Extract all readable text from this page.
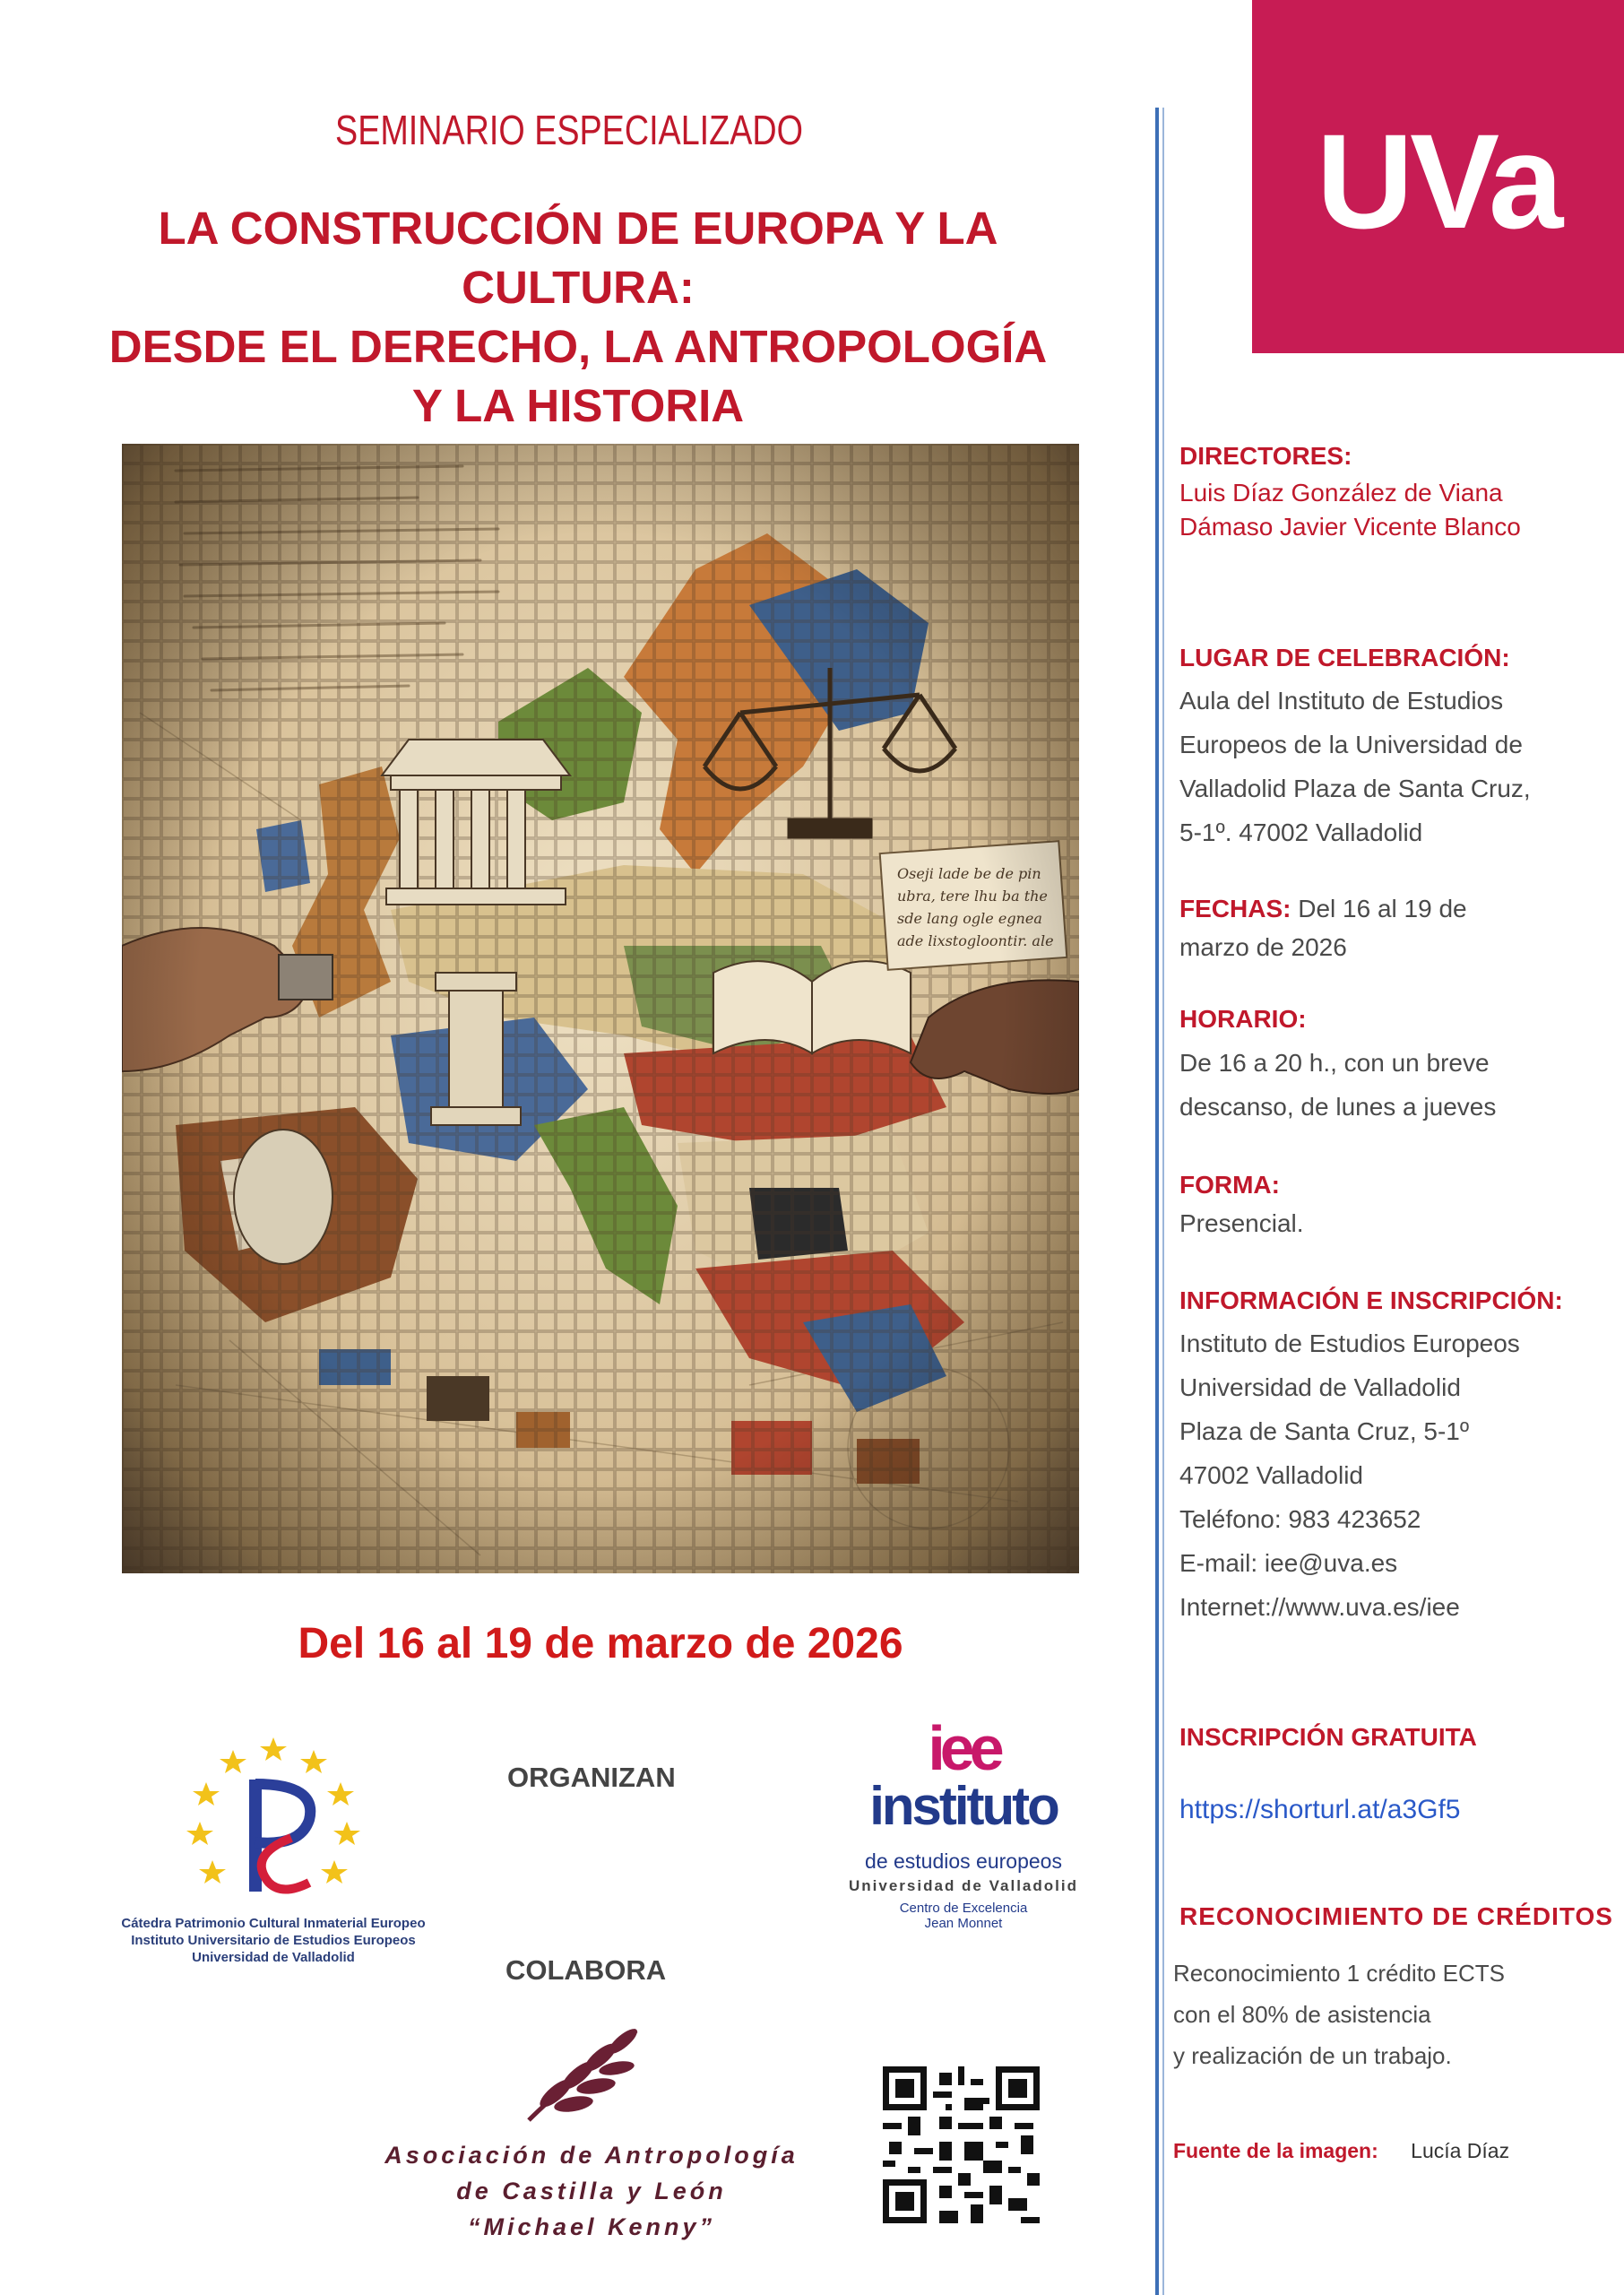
SEMINARIO ESPECIALIZADO
LA CONSTRUCCIÓN DE EUROPA Y LA CULTURA:
DESDE EL DERECHO, LA ANTROPOLOGÍA
Y LA HISTORIA
UVa
Del 16 al 19 de marzo de 2026
Cátedra Patrimonio Cultural Inmaterial Europeo
Instituto Universitario de Estudios Europeos
Universidad de Valladolid
ORGANIZAN
COLABORA
iee
instituto
de estudios europeos
Universidad de Valladolid
Centro de Excelencia
Jean Monnet
Asociación de Antropología
de Castilla y León
“Michael Kenny”
DIRECTORES:
Luis Díaz González de Viana
Dámaso Javier Vicente Blanco
LUGAR DE CELEBRACIÓN:
Aula del Instituto de Estudios
Europeos de la Universidad de
Valladolid Plaza de Santa Cruz,
5-1º. 47002 Valladolid
FECHAS: Del 16 al 19 de
marzo de 2026
HORARIO:
De 16 a 20 h., con un breve
descanso, de lunes a jueves
FORMA:
Presencial.
INFORMACIÓN E INSCRIPCIÓN:
Instituto de Estudios Europeos
Universidad de Valladolid
Plaza de Santa Cruz, 5-1º
47002 Valladolid
Teléfono: 983 423652
E-mail: iee@uva.es
Internet://www.uva.es/iee
INSCRIPCIÓN GRATUITA
https://shorturl.at/a3Gf5
RECONOCIMIENTO DE CRÉDITOS
Reconocimiento 1 crédito ECTS
con el 80% de asistencia
y realización de un trabajo.
Fuente de la imagen: Lucía Díaz
